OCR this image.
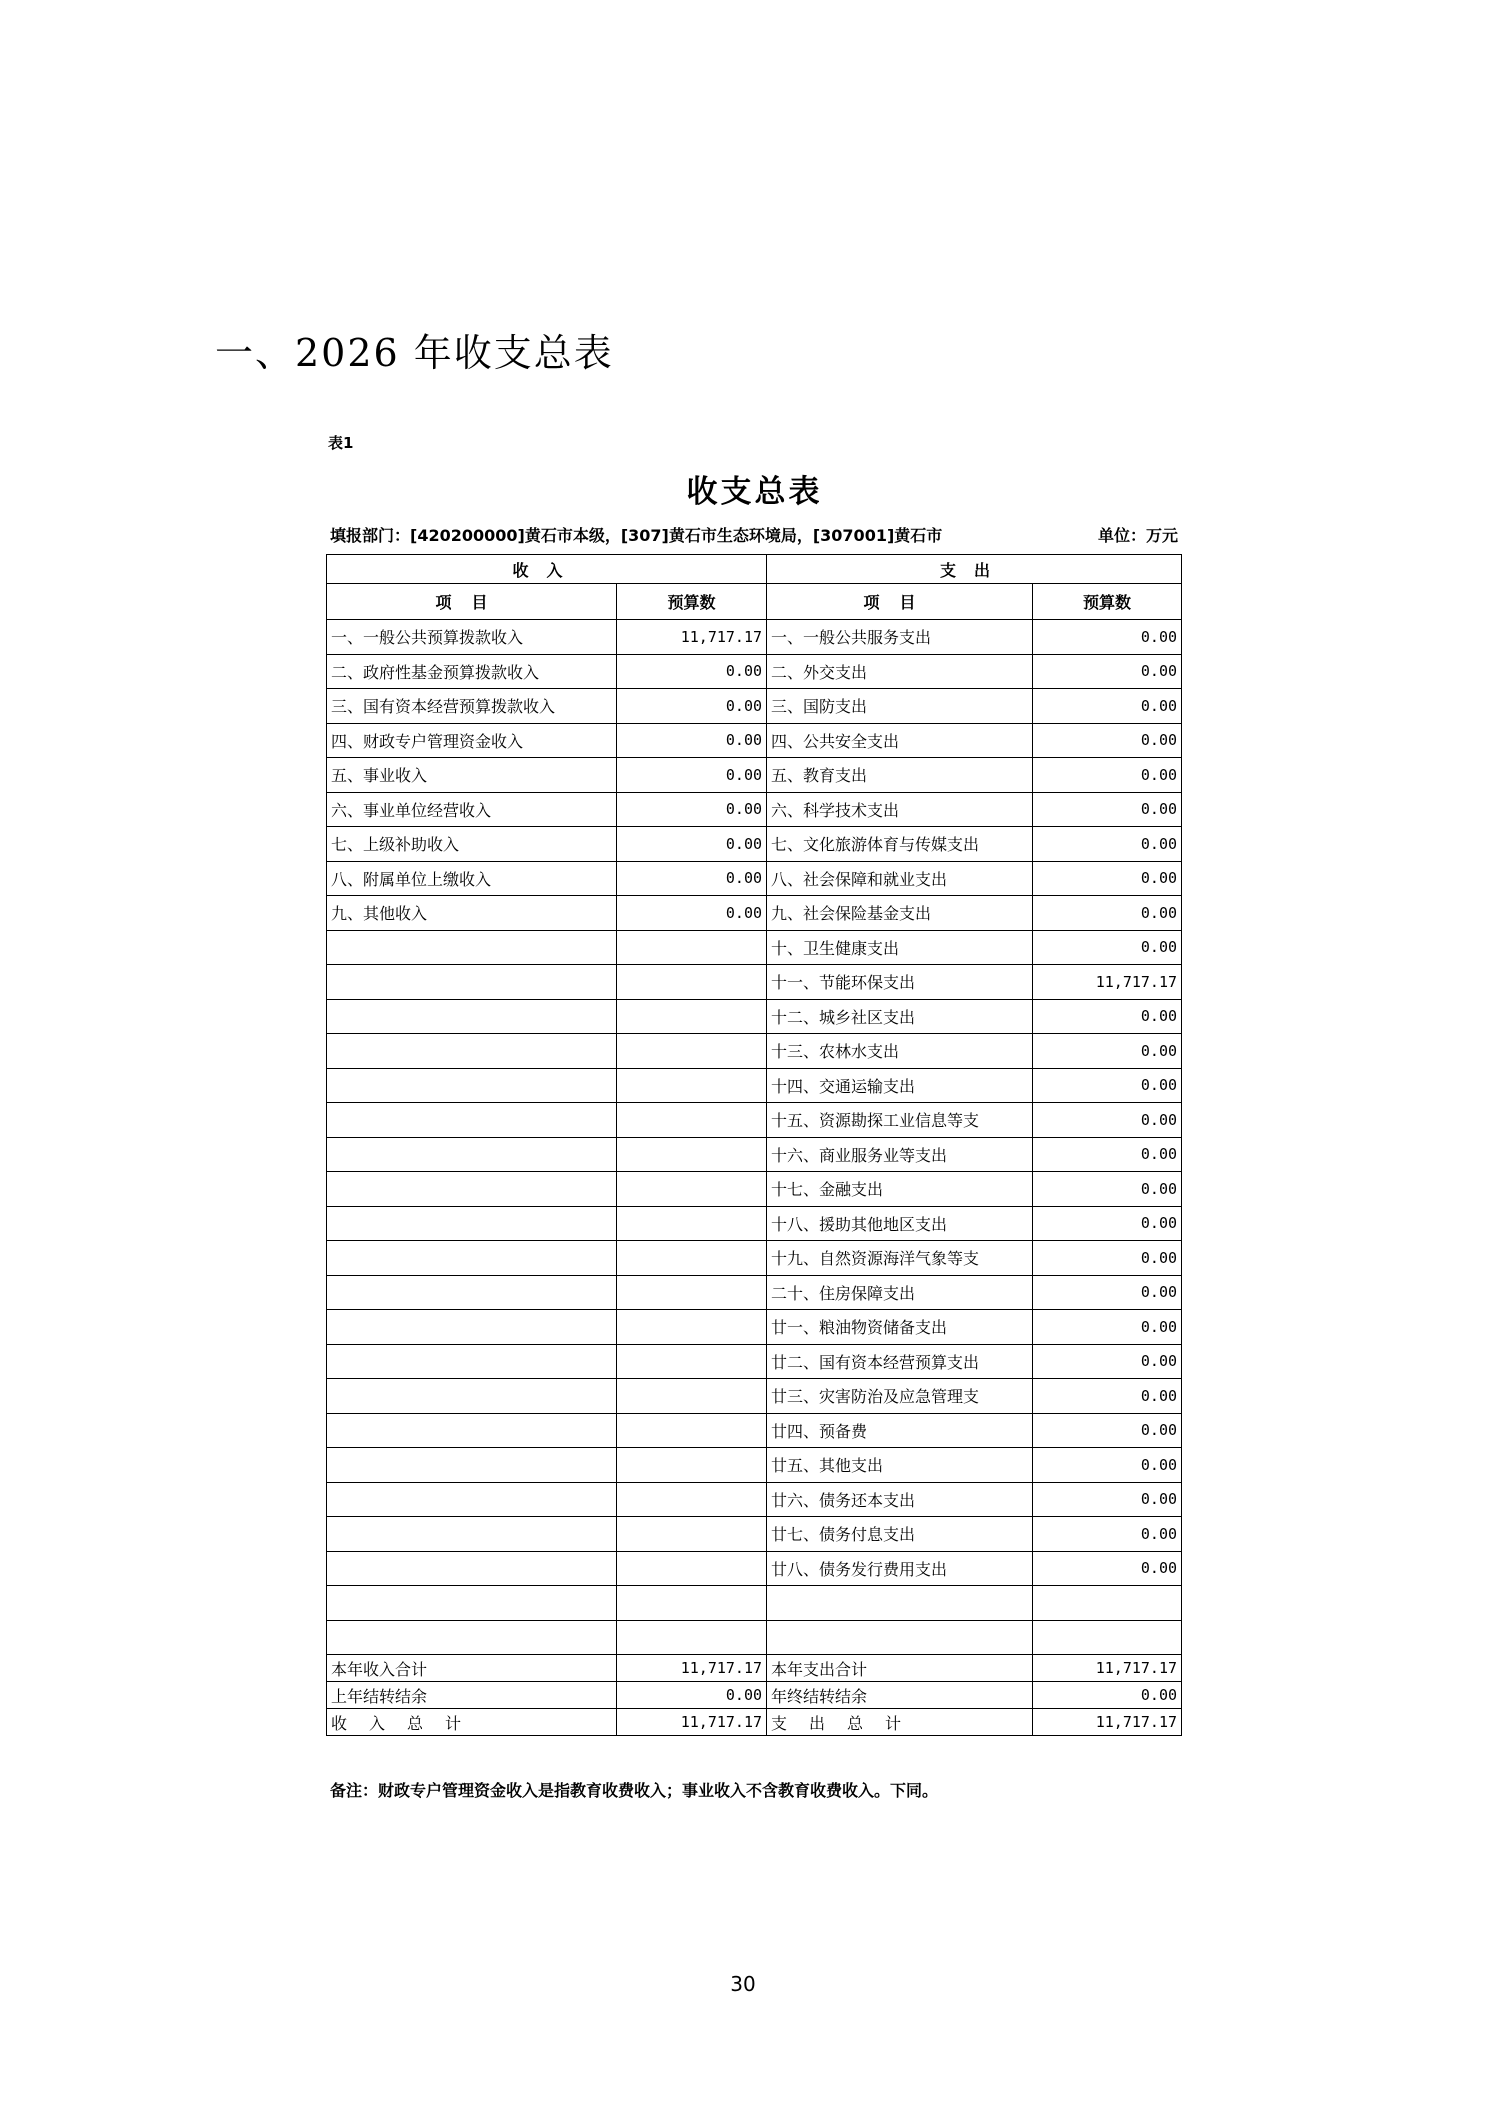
一、2026 年收支总表
表1
收支总表
填报部门：[420200000]黄石市本级，[307]黄石市生态环境局，[307001]黄石市	单位：万元
收入		支出	
项目	预算数	项目	预算数
一、一般公共预算拨款收入	11,717.17	一、一般公共服务支出	0.00
二、政府性基金预算拨款收入	0.00	二、外交支出	0.00
三、国有资本经营预算拨款收入	0.00	三、国防支出	0.00
四、财政专户管理资金收入	0.00	四、公共安全支出	0.00
五、事业收入	0.00	五、教育支出	0.00
六、事业单位经营收入	0.00	六、科学技术支出	0.00
七、上级补助收入	0.00	七、文化旅游体育与传媒支出	0.00
八、附属单位上缴收入	0.00	八、社会保障和就业支出	0.00
九、其他收入	0.00	九、社会保险基金支出	0.00
		十、卫生健康支出	0.00
		十一、节能环保支出	11,717.17
		十二、城乡社区支出	0.00
		十三、农林水支出	0.00
		十四、交通运输支出	0.00
		十五、资源勘探工业信息等支	0.00
		十六、商业服务业等支出	0.00
		十七、金融支出	0.00
		十八、援助其他地区支出	0.00
		十九、自然资源海洋气象等支	0.00
		二十、住房保障支出	0.00
		廿一、粮油物资储备支出	0.00
		廿二、国有资本经营预算支出	0.00
		廿三、灾害防治及应急管理支	0.00
		廿四、预备费	0.00
		廿五、其他支出	0.00
		廿六、债务还本支出	0.00
		廿七、债务付息支出	0.00
		廿八、债务发行费用支出	0.00

本年收入合计	11,717.17	本年支出合计	11,717.17
上年结转结余	0.00	年终结转结余	0.00
收入总计	11,717.17	支出总计	11,717.17
备注：财政专户管理资金收入是指教育收费收入；事业收入不含教育收费收入。下同。
30
